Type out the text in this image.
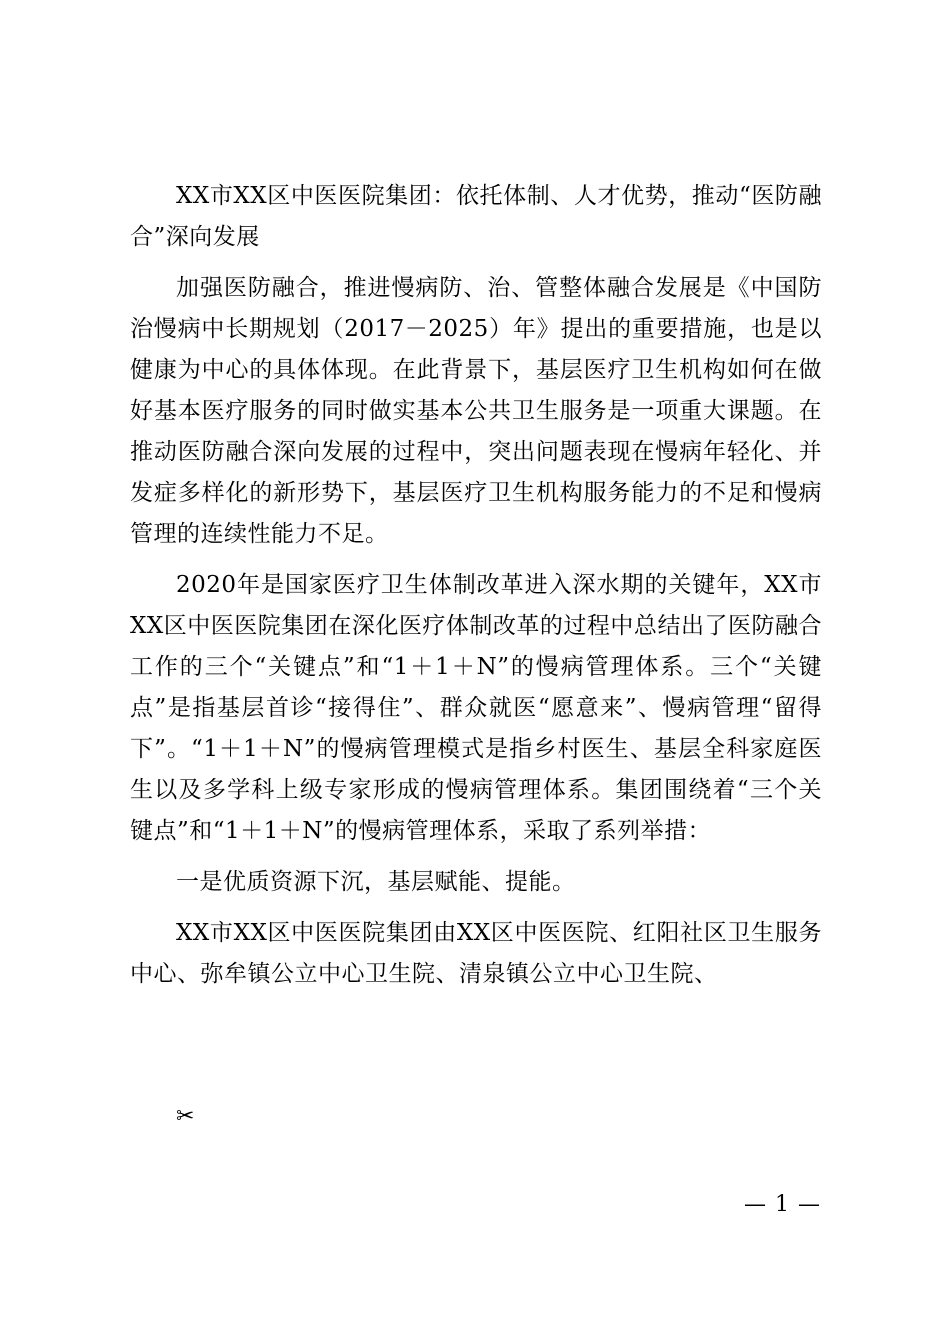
XX市XX区中医医院集团：依托体制、人才优势，推动“医防融合”深向发展

加强医防融合，推进慢病防、治、管整体融合发展是《中国防治慢病中长期规划（2017－2025）年》提出的重要措施，也是以健康为中心的具体体现。在此背景下，基层医疗卫生机构如何在做好基本医疗服务的同时做实基本公共卫生服务是一项重大课题。在推动医防融合深向发展的过程中，突出问题表现在慢病年轻化、并发症多样化的新形势下，基层医疗卫生机构服务能力的不足和慢病管理的连续性能力不足。

2020年是国家医疗卫生体制改革进入深水期的关键年，XX市XX区中医医院集团在深化医疗体制改革的过程中总结出了医防融合工作的三个“关键点”和“1＋1＋N”的慢病管理体系。三个“关键点”是指基层首诊“接得住”、群众就医“愿意来”、慢病管理“留得下”。“1＋1＋N”的慢病管理模式是指乡村医生、基层全科家庭医生以及多学科上级专家形成的慢病管理体系。集团围绕着“三个关键点”和“1＋1＋N”的慢病管理体系，采取了系列举措：

一是优质资源下沉，基层赋能、提能。

XX市XX区中医医院集团由XX区中医医院、红阳社区卫生服务中心、弥牟镇公立中心卫生院、清泉镇公立中心卫生院、

✂
— 1 —
